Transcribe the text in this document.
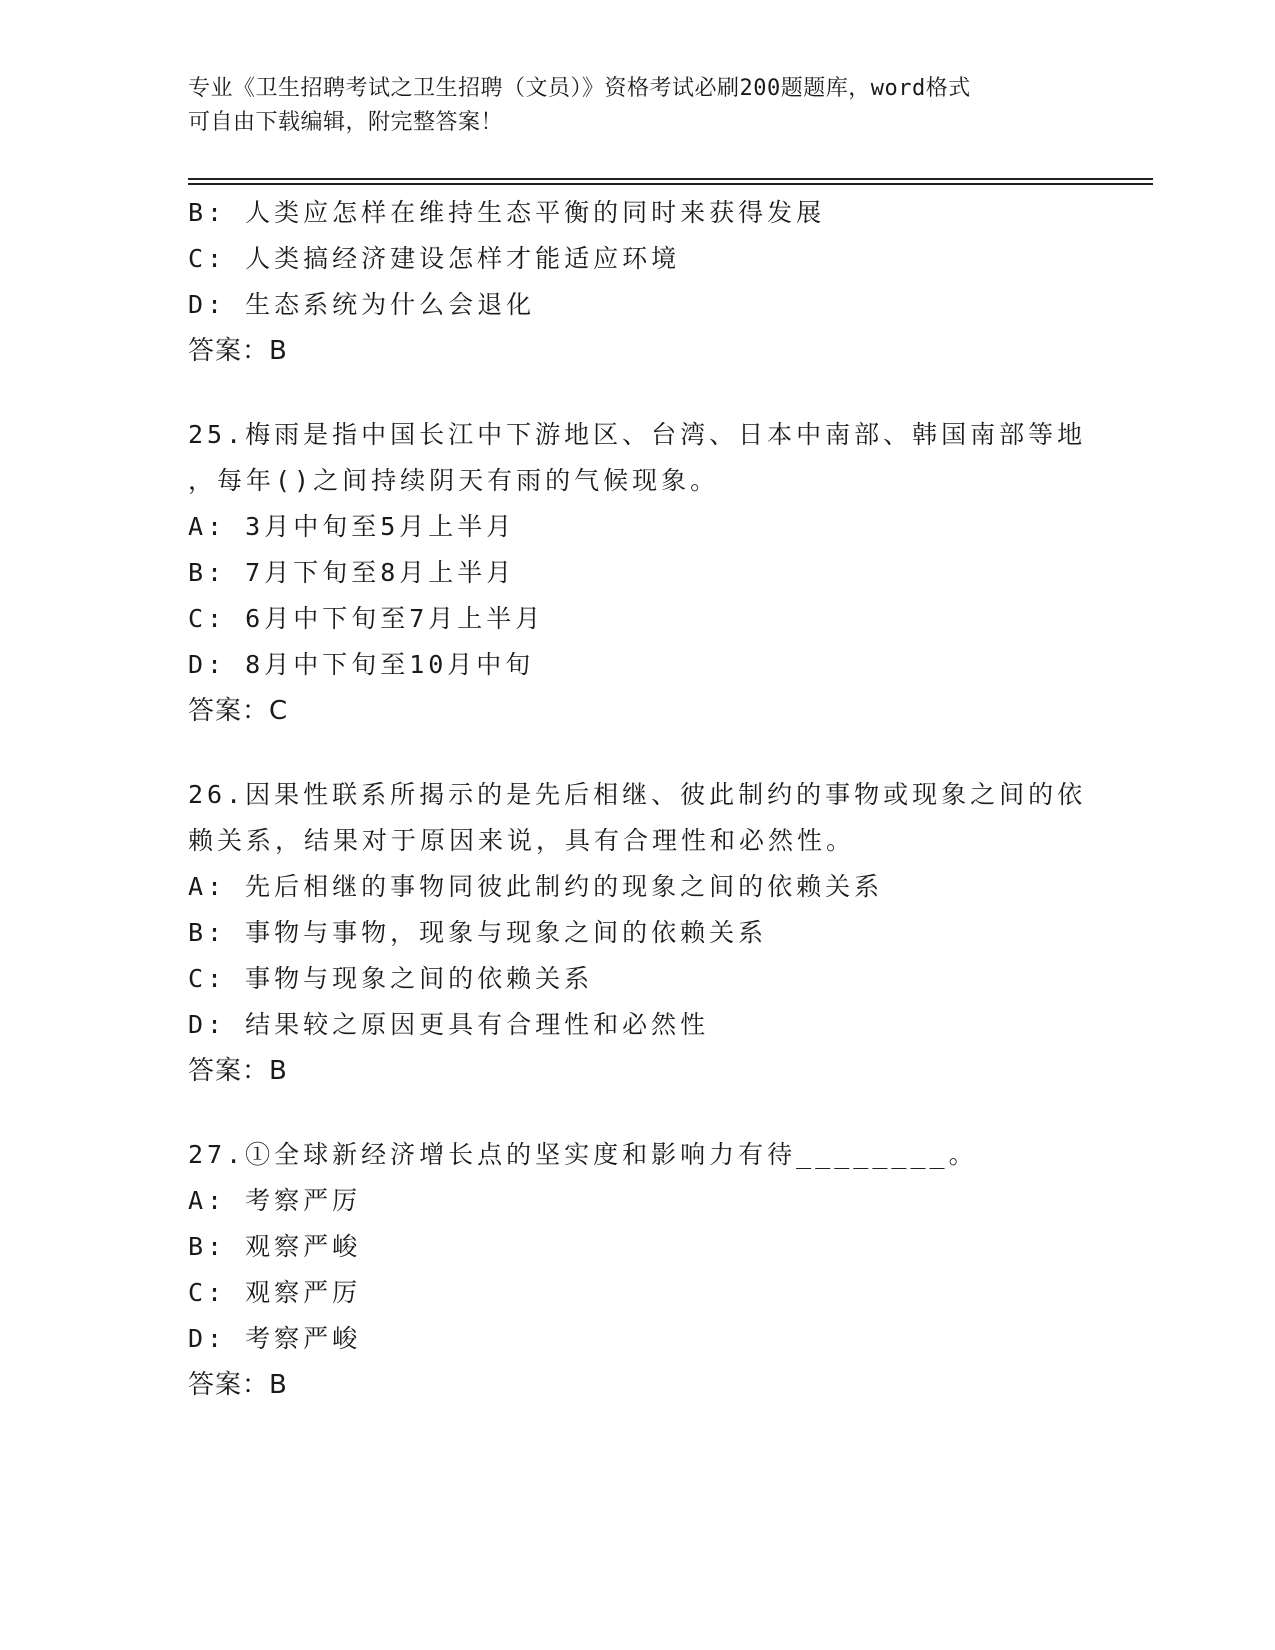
专业《卫生招聘考试之卫生招聘（文员）》资格考试必刷200题题库，word格式

可自由下载编辑，附完整答案！

B: 人类应怎样在维持生态平衡的同时来获得发展
C: 人类搞经济建设怎样才能适应环境
D: 生态系统为什么会退化
答案：B
25.梅雨是指中国长江中下游地区、台湾、日本中南部、韩国南部等地
，每年()之间持续阴天有雨的气候现象。
A: 3月中旬至5月上半月
B: 7月下旬至8月上半月
C: 6月中下旬至7月上半月
D: 8月中下旬至10月中旬
答案：C
26.因果性联系所揭示的是先后相继、彼此制约的事物或现象之间的依
赖关系，结果对于原因来说，具有合理性和必然性。
A: 先后相继的事物同彼此制约的现象之间的依赖关系
B: 事物与事物，现象与现象之间的依赖关系
C: 事物与现象之间的依赖关系
D: 结果较之原因更具有合理性和必然性
答案：B
27.①全球新经济增长点的坚实度和影响力有待________。
A: 考察严厉
B: 观察严峻
C: 观察严厉
D: 考察严峻
答案：B
